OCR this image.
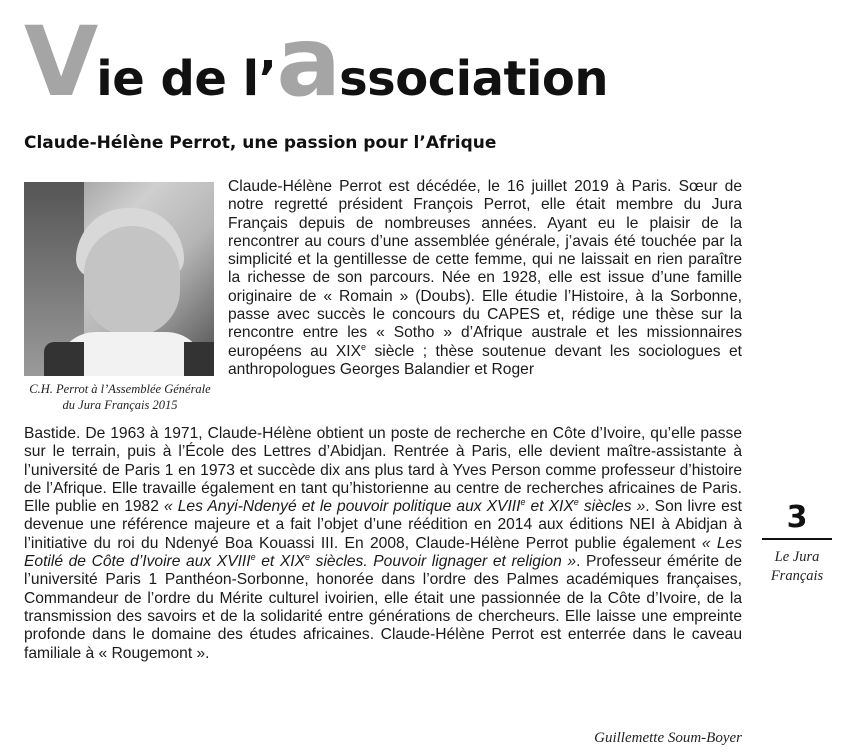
Vie de l’association
Claude-Hélène Perrot, une passion pour l’Afrique
C.H. Perrot à l’Assemblée Générale
du Jura Français 2015

Claude-Hélène Perrot est décédée, le 16 juillet 2019 à Paris. Sœur de notre regretté président François Perrot, elle était membre du Jura Français depuis de nombreuses années. Ayant eu le plaisir de la rencontrer au cours d’une assemblée générale, j’avais été touchée par la simplicité et la gentillesse de cette femme, qui ne laissait en rien paraître la richesse de son parcours. Née en 1928, elle est issue d’une famille originaire de « Romain » (Doubs). Elle étudie l’Histoire, à la Sorbonne, passe avec succès le concours du CAPES et, rédige une thèse sur la rencontre entre les « Sotho » d’Afrique australe et les missionnaires européens au XIXe siècle ; thèse soutenue devant les sociologues et anthropologues Georges Balandier et Roger

Bastide. De 1963 à 1971, Claude-Hélène obtient un poste de recherche en Côte d’Ivoire, qu’elle passe sur le terrain, puis à l’École des Lettres d’Abidjan. Rentrée à Paris, elle devient maître-assistante à l’université de Paris 1 en 1973 et succède dix ans plus tard à Yves Person comme professeur d’histoire de l’Afrique. Elle travaille également en tant qu’historienne au centre de recherches africaines de Paris. Elle publie en 1982 « Les Anyi-Ndenyé et le pouvoir politique aux XVIIIe et XIXe siècles ». Son livre est devenue une référence majeure et a fait l’objet d’une réédition en 2014 aux éditions NEI à Abidjan à l’initiative du roi du Ndenyé Boa Kouassi III. En 2008, Claude-Hélène Perrot publie également « Les Eotilé de Côte d’Ivoire aux XVIIIe et XIXe siècles. Pouvoir lignager et religion ». Professeur émérite de l’université Paris 1 Panthéon-Sorbonne, honorée dans l’ordre des Palmes académiques françaises, Commandeur de l’ordre du Mérite culturel ivoirien, elle était une passionnée de la Côte d’Ivoire, de la transmission des savoirs et de la solidarité entre générations de chercheurs. Elle laisse une empreinte profonde dans le domaine des études africaines. Claude-Hélène Perrot est enterrée dans le caveau familiale à « Rougemont ».

Guillemette Soum-Boyer
3
Le Jura
Français
